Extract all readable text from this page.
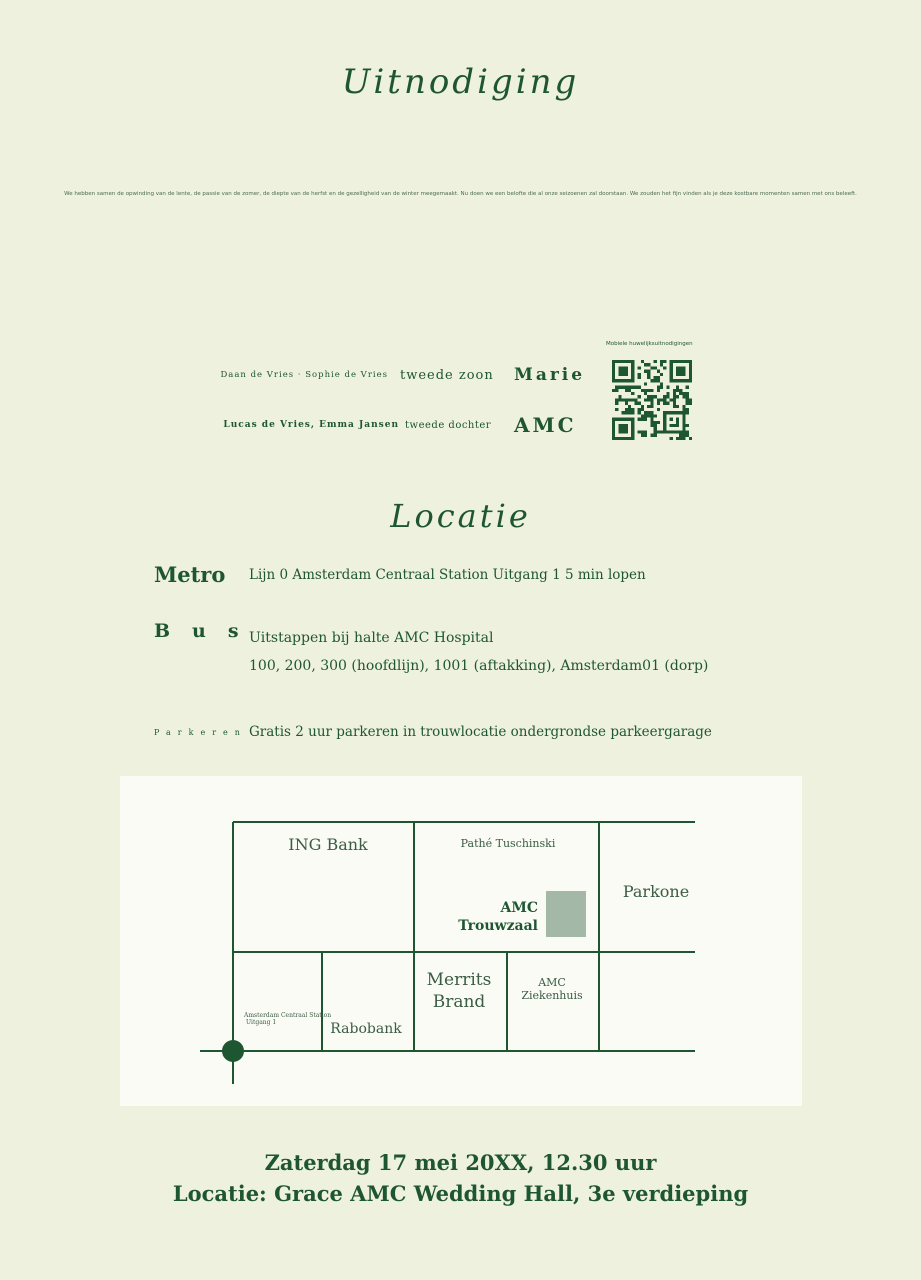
Uitnodiging
We hebben samen de opwinding van de lente, de passie van de zomer, de diepte van de herfst en de gezelligheid van de winter meegemaakt. Nu doen we een belofte die al onze seizoenen zal doorstaan. We zouden het fijn vinden als je deze kostbare momenten samen met ons beleeft.
Daan de Vries · Sophie de Vries tweede zoon Marie
Lucas de Vries, Emma Jansen tweede dochter AMC
Mobiele huwelijksuitnodigingen
Locatie
Metro Lijn 0 Amsterdam Centraal Station Uitgang 1 5 min lopen
Bus
Uitstappen bij halte AMC Hospital
100, 200, 300 (hoofdlijn), 1001 (aftakking), Amsterdam01 (dorp)
Parkeren Gratis 2 uur parkeren in trouwlocatie ondergrondse parkeergarage
ING Bank	Pathé Tuschinski
Parkone
AMC
Trouwzaal
Amsterdam Centraal Station
Uitgang 1	Rabobank
Merrits
Brand
AMC
Ziekenhuis
Zaterdag 17 mei 20XX, 12.30 uur
Locatie: Grace AMC Wedding Hall, 3e verdieping
